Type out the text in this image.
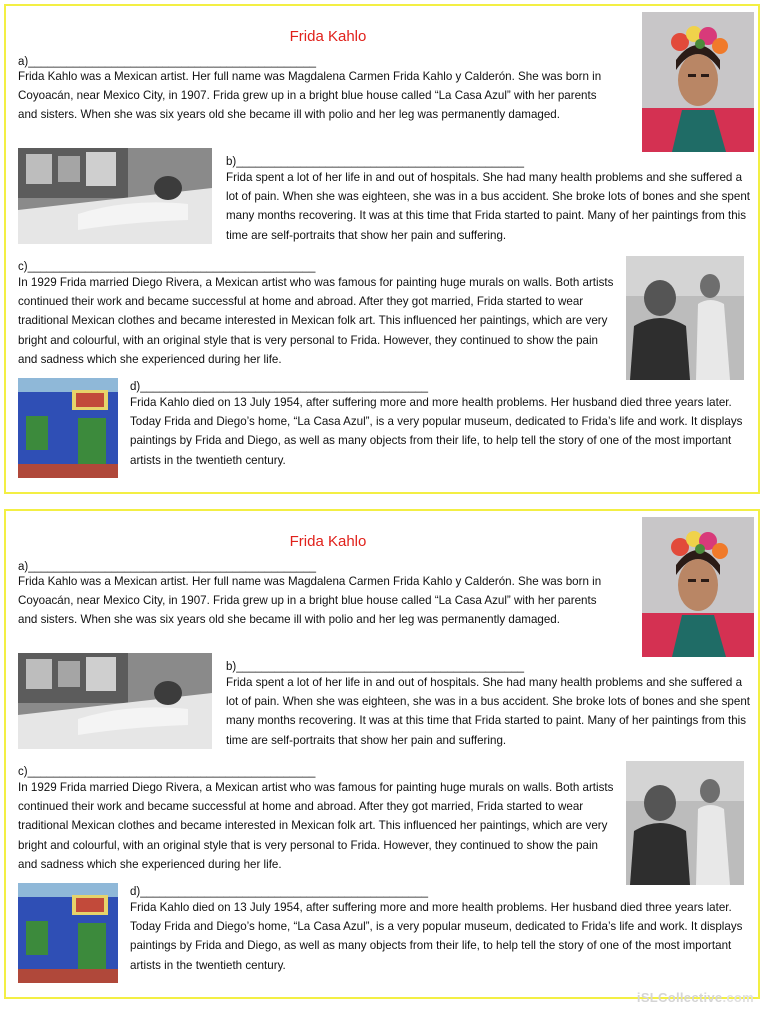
Frida Kahlo
a)_____________________________________________

Frida Kahlo was a Mexican artist. Her full name was Magdalena Carmen Frida Kahlo y Calderón. She was born in Coyoacán, near Mexico City, in 1907. Frida grew up in a bright blue house called “La Casa Azul” with her parents and sisters. When she was six years old she became ill with polio and her leg was permanently damaged.

b)_____________________________________________

Frida spent a lot of her life in and out of hospitals. She had many health problems and she suffered a lot of pain. When she was eighteen, she was in a bus accident. She broke lots of bones and she spent many months recovering. It was at this time that Frida started to paint. Many of her paintings from this time are self-portraits that show her pain and suffering.

c)_____________________________________________

In 1929 Frida married Diego Rivera, a Mexican artist who was famous for painting huge murals on walls. Both artists continued their work and became successful at home and abroad. After they got married, Frida started to wear traditional Mexican clothes and became interested in Mexican folk art. This influenced her paintings, which are very bright and colourful, with an original style that is very personal to Frida. However, they continued to show the pain and sadness which she experienced during her life.

d)_____________________________________________

Frida Kahlo died on 13 July 1954, after suffering more and more health problems. Her husband died three years later. Today Frida and Diego’s home, “La Casa Azul”, is a very popular museum, dedicated to Frida’s life and work. It displays paintings by Frida and Diego, as well as many objects from their life, to help tell the story of one of the most important artists in the twentieth century.

Frida Kahlo
a)_____________________________________________

Frida Kahlo was a Mexican artist. Her full name was Magdalena Carmen Frida Kahlo y Calderón. She was born in Coyoacán, near Mexico City, in 1907. Frida grew up in a bright blue house called “La Casa Azul” with her parents and sisters. When she was six years old she became ill with polio and her leg was permanently damaged.

b)_____________________________________________

Frida spent a lot of her life in and out of hospitals. She had many health problems and she suffered a lot of pain. When she was eighteen, she was in a bus accident. She broke lots of bones and she spent many months recovering. It was at this time that Frida started to paint. Many of her paintings from this time are self-portraits that show her pain and suffering.

c)_____________________________________________

In 1929 Frida married Diego Rivera, a Mexican artist who was famous for painting huge murals on walls. Both artists continued their work and became successful at home and abroad. After they got married, Frida started to wear traditional Mexican clothes and became interested in Mexican folk art. This influenced her paintings, which are very bright and colourful, with an original style that is very personal to Frida. However, they continued to show the pain and sadness which she experienced during her life.

d)_____________________________________________

Frida Kahlo died on 13 July 1954, after suffering more and more health problems. Her husband died three years later. Today Frida and Diego’s home, “La Casa Azul”, is a very popular museum, dedicated to Frida’s life and work. It displays paintings by Frida and Diego, as well as many objects from their life, to help tell the story of one of the most important artists in the twentieth century.

iSLCollective.com
